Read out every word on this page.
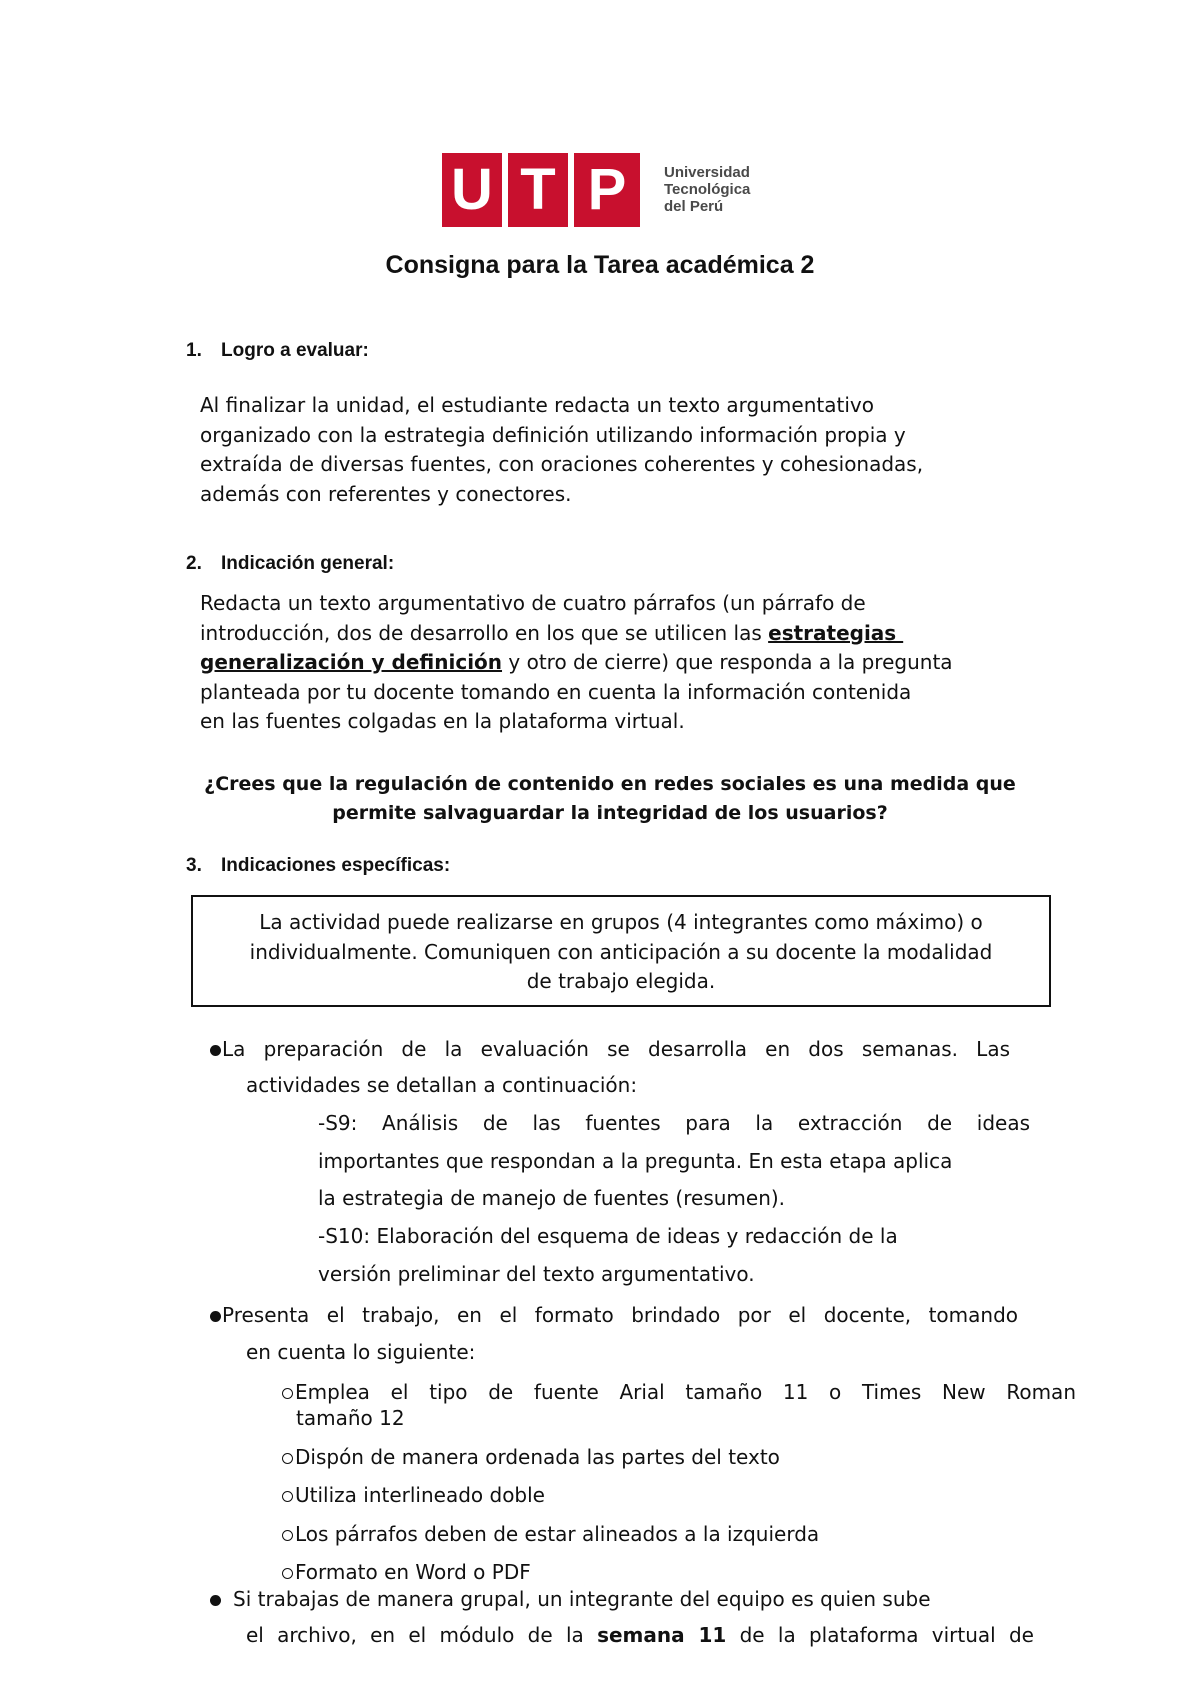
U T P	Universidad
Tecnológica
del Perú
Consigna para la Tarea académica 2
1. Logro a evaluar:
Al finalizar la unidad, el estudiante redacta un texto argumentativo
organizado con la estrategia definición utilizando información propia y
extraída de diversas fuentes, con oraciones coherentes y cohesionadas,
además con referentes y conectores.
2. Indicación general:
Redacta un texto argumentativo de cuatro párrafos (un párrafo de
introducción, dos de desarrollo en los que se utilicen las estrategias
generalización y definición y otro de cierre) que responda a la pregunta
planteada por tu docente tomando en cuenta la información contenida
en las fuentes colgadas en la plataforma virtual.
¿Crees que la regulación de contenido en redes sociales es una medida que
permite salvaguardar la integridad de los usuarios?
3. Indicaciones específicas:
La actividad puede realizarse en grupos (4 integrantes como máximo) o
individualmente. Comuniquen con anticipación a su docente la modalidad
de trabajo elegida.
La preparación de la evaluación se desarrolla en dos semanas. Las
actividades se detallan a continuación:
-S9: Análisis de las fuentes para la extracción de ideas
importantes que respondan a la pregunta. En esta etapa aplica
la estrategia de manejo de fuentes (resumen).
-S10: Elaboración del esquema de ideas y redacción de la
versión preliminar del texto argumentativo.
Presenta el trabajo, en el formato brindado por el docente, tomando
en cuenta lo siguiente:
Emplea el tipo de fuente Arial tamaño 11 o Times New Roman
tamaño 12
Dispón de manera ordenada las partes del texto
Utiliza interlineado doble
Los párrafos deben de estar alineados a la izquierda
Formato en Word o PDF
Si trabajas de manera grupal, un integrante del equipo es quien sube
el archivo, en el módulo de la semana 11 de la plataforma virtual de
